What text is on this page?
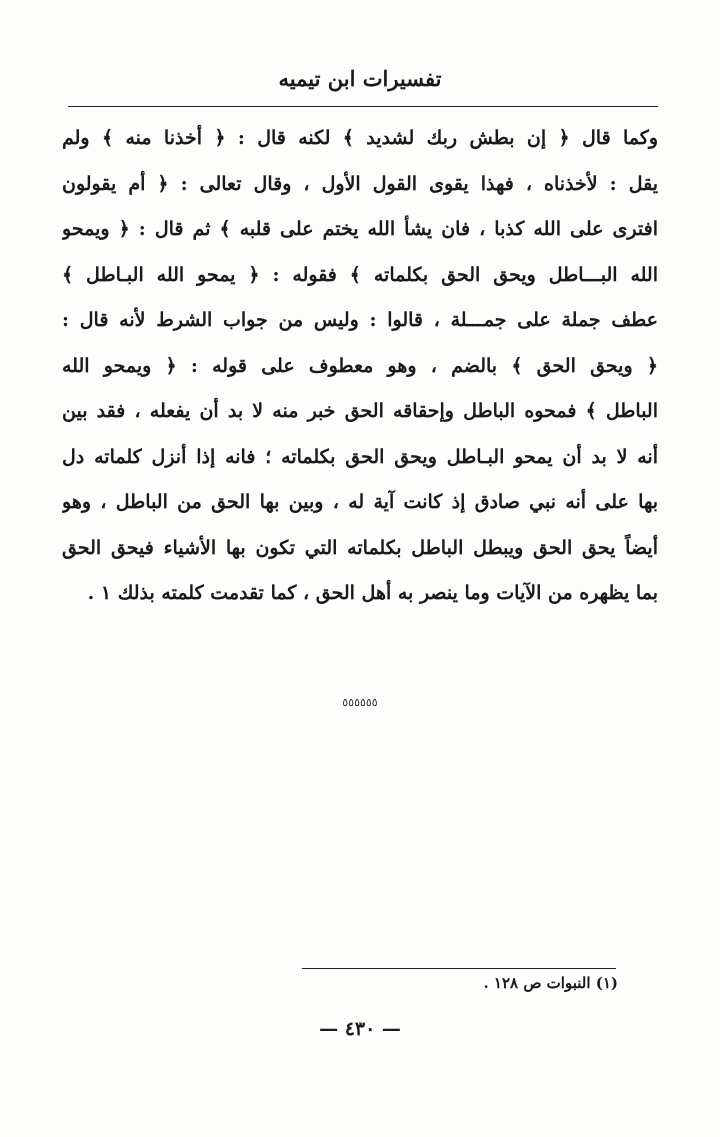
تفسيرات ابن تيميه
وكما قال ﴿ إن بطش ربك لشديد ﴾ لكنه قال : ﴿ أخذنا منه ﴾ ولم
يقل : لأخذناه ، فهذا يقوى القول الأول ، وقال تعالى : ﴿ أم يقولون
افترى على الله كذبا ، فان يشأ الله يختم على قلبه ﴾ ثم قال : ﴿ ويمحو
الله البـــاطل ويحق الحق بكلماته ﴾ فقوله : ﴿ يمحو الله البـاطل ﴾
عطف جملة على جمـــلة ، قالوا : وليس من جواب الشرط لأنه قال :
﴿ ويحق الحق ﴾ بالضم ، وهو معطوف على قوله : ﴿ ويمحو الله
الباطل ﴾ فمحوه الباطل وإحقاقه الحق خبر منه لا بد أن يفعله ، فقد بين
أنه لا بد أن يمحو البـاطل ويحق الحق بكلماته ؛ فانه إذا أنزل كلماته دل
بها على أنه نبي صادق إذ كانت آية له ، وبين بها الحق من الباطل ، وهو
أيضاً يحق الحق ويبطل الباطل بكلماته التي تكون بها الأشياء فيحق الحق
بما يظهره من الآيات وما ينصر به أهل الحق ، كما تقدمت كلمته بذلك ١ .
٥٥٥٥٥٥
(١) النبوات ص ١٢٨ .
— ٤٣٠ —
